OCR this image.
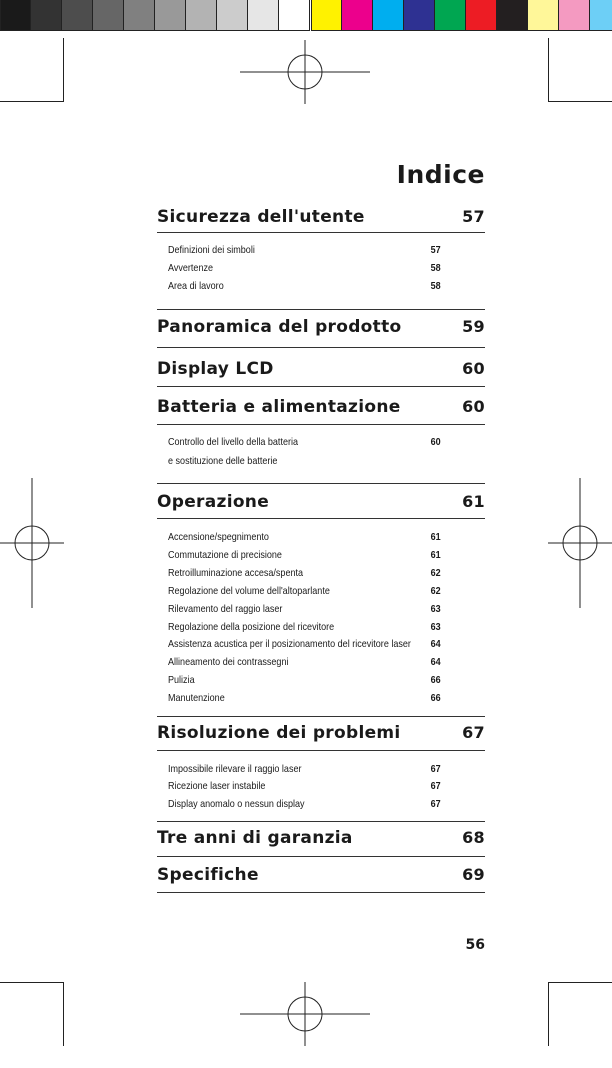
Indice
Sicurezza dell'utente	57
Definizioni dei simboli	57
Avvertenze	58
Area di lavoro	58
Panoramica del prodotto	59
Display LCD	60
Batteria e alimentazione	60
Controllo del livello della batteria	60
e sostituzione delle batterie
Operazione	61
Accensione/spegnimento	61
Commutazione di precisione	61
Retroilluminazione accesa/spenta	62
Regolazione del volume dell'altoparlante	62
Rilevamento del raggio laser	63
Regolazione della posizione del ricevitore	63
Assistenza acustica per il posizionamento del ricevitore laser 64
Allineamento dei contrassegni	64
Pulizia	66
Manutenzione	66
Risoluzione dei problemi	67
Impossibile rilevare il raggio laser	67
Ricezione laser instabile	67
Display anomalo o nessun display	67
Tre anni di garanzia	68
Specifiche	69
56
